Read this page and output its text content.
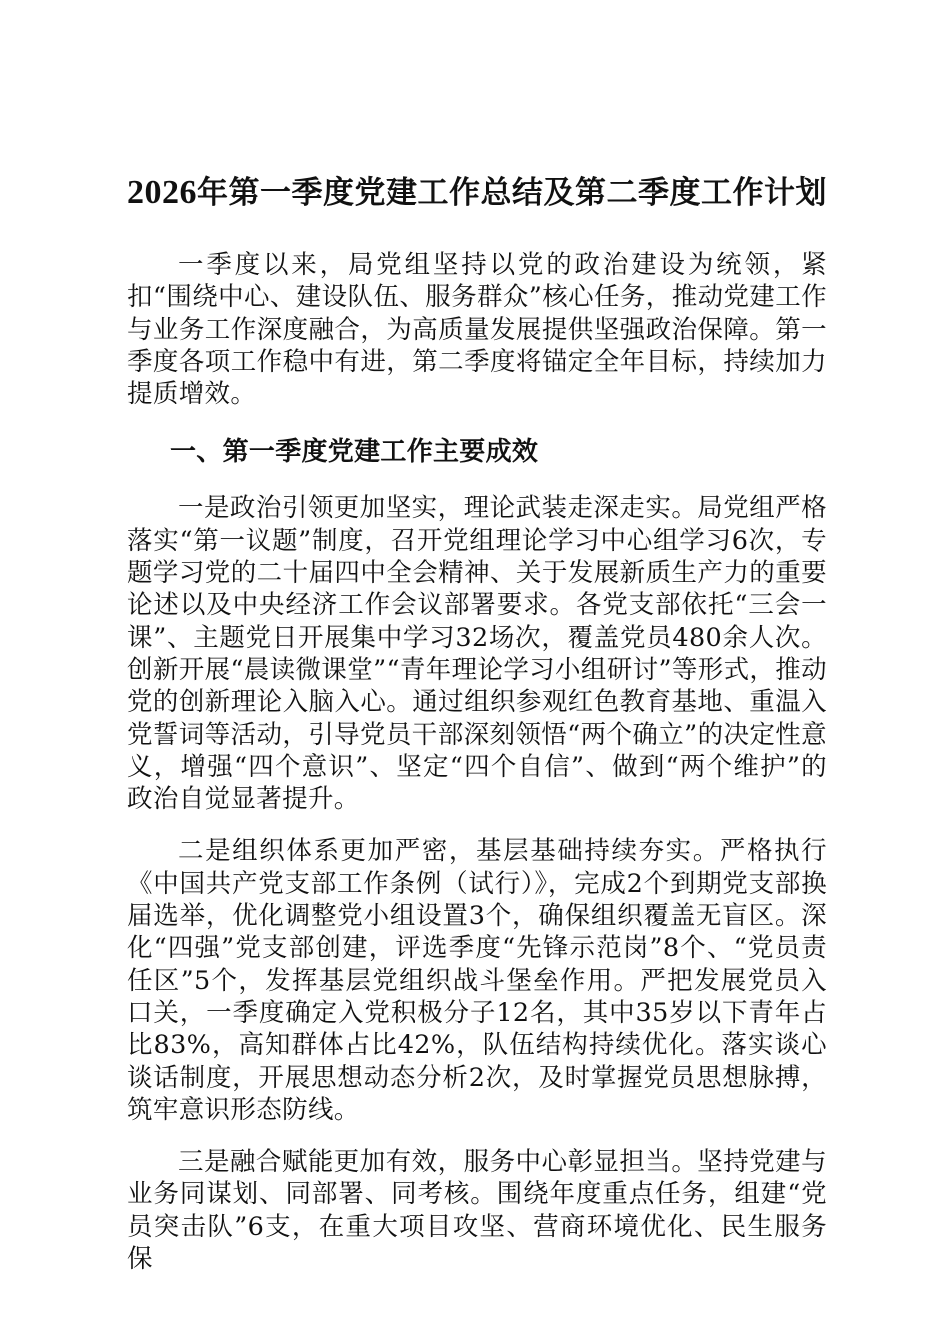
2026年第一季度党建工作总结及第二季度工作计划

一季度以来，局党组坚持以党的政治建设为统领，紧扣“围绕中心、建设队伍、服务群众”核心任务，推动党建工作与业务工作深度融合，为高质量发展提供坚强政治保障。第一季度各项工作稳中有进，第二季度将锚定全年目标，持续加力提质增效。

一、第一季度党建工作主要成效

一是政治引领更加坚实，理论武装走深走实。局党组严格落实“第一议题”制度，召开党组理论学习中心组学习6次，专题学习党的二十届四中全会精神、关于发展新质生产力的重要论述以及中央经济工作会议部署要求。各党支部依托“三会一课”、主题党日开展集中学习32场次，覆盖党员480余人次。创新开展“晨读微课堂”“青年理论学习小组研讨”等形式，推动党的创新理论入脑入心。通过组织参观红色教育基地、重温入党誓词等活动，引导党员干部深刻领悟“两个确立”的决定性意义，增强“四个意识”、坚定“四个自信”、做到“两个维护”的政治自觉显著提升。

二是组织体系更加严密，基层基础持续夯实。严格执行《中国共产党支部工作条例（试行）》，完成2个到期党支部换届选举，优化调整党小组设置3个，确保组织覆盖无盲区。深化“四强”党支部创建，评选季度“先锋示范岗”8个、“党员责任区”5个，发挥基层党组织战斗堡垒作用。严把发展党员入口关，一季度确定入党积极分子12名，其中35岁以下青年占比83%，高知群体占比42%，队伍结构持续优化。落实谈心谈话制度，开展思想动态分析2次，及时掌握党员思想脉搏，筑牢意识形态防线。

三是融合赋能更加有效，服务中心彰显担当。坚持党建与业务同谋划、同部署、同考核。围绕年度重点任务，组建“党员突击队”6支，在重大项目攻坚、营商环境优化、民生服务保
